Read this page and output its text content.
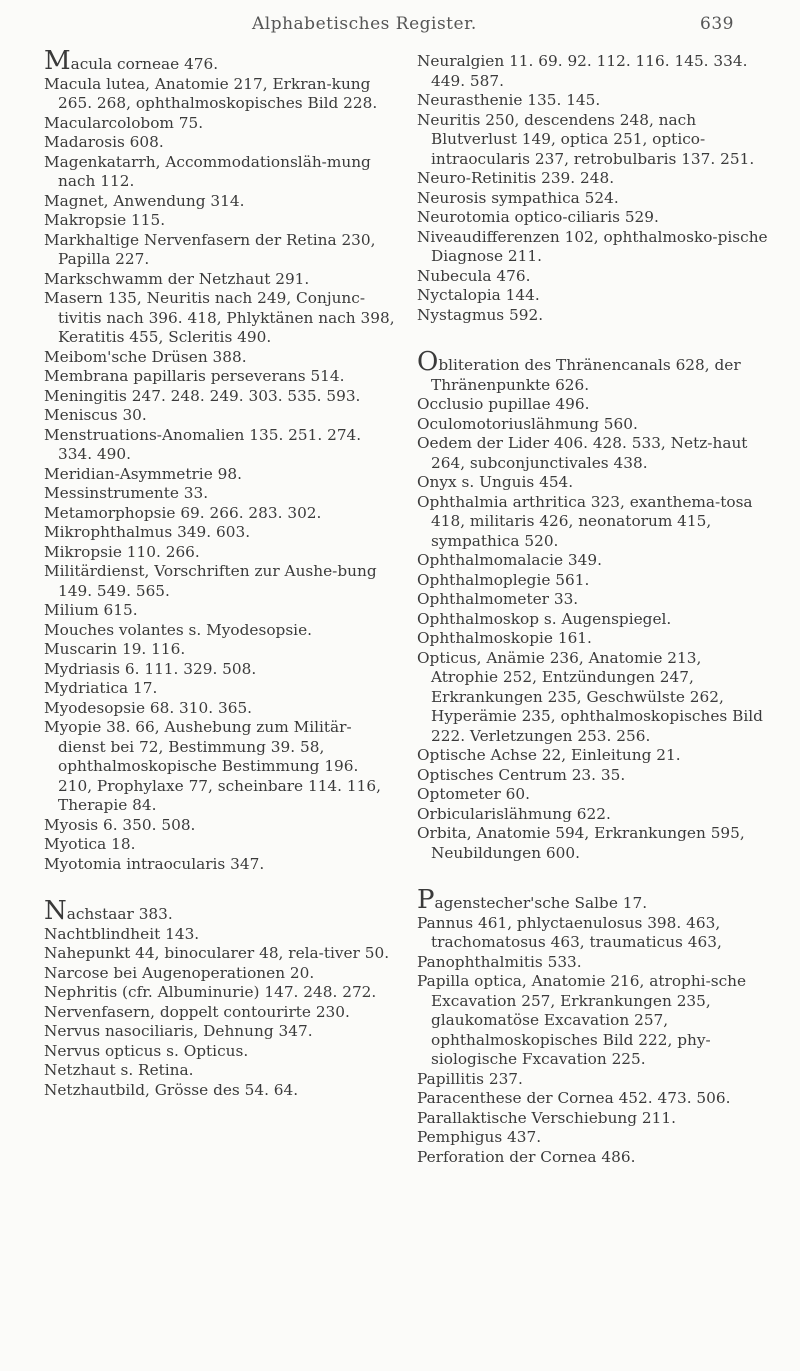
Alphabetisches Register.	639
Macula corneae 476.
Macula lutea, Anatomie 217, Erkran-kung 265. 268, ophthalmoskopisches Bild 228.
Macularcolobom 75.
Madarosis 608.
Magenkatarrh, Accommodationsläh-mung nach 112.
Magnet, Anwendung 314.
Makropsie 115.
Markhaltige Nervenfasern der Retina 230, Papilla 227.
Markschwamm der Netzhaut 291.
Masern 135, Neuritis nach 249, Conjunc-tivitis nach 396. 418, Phlyktänen nach 398, Keratitis 455, Scleritis 490.
Meibom'sche Drüsen 388.
Membrana papillaris perseverans 514.
Meningitis 247. 248. 249. 303. 535. 593.
Meniscus 30.
Menstruations-Anomalien 135. 251. 274. 334. 490.
Meridian-Asymmetrie 98.
Messinstrumente 33.
Metamorphopsie 69. 266. 283. 302.
Mikrophthalmus 349. 603.
Mikropsie 110. 266.
Militärdienst, Vorschriften zur Aushe-bung 149. 549. 565.
Milium 615.
Mouches volantes s. Myodesopsie.
Muscarin 19. 116.
Mydriasis 6. 111. 329. 508.
Mydriatica 17.
Myodesopsie 68. 310. 365.
Myopie 38. 66, Aushebung zum Militär-dienst bei 72, Bestimmung 39. 58, ophthalmoskopische Bestimmung 196. 210, Prophylaxe 77, scheinbare 114. 116, Therapie 84.
Myosis 6. 350. 508.
Myotica 18.
Myotomia intraocularis 347.
Nachstaar 383.
Nachtblindheit 143.
Nahepunkt 44, binocularer 48, rela-tiver 50.
Narcose bei Augenoperationen 20.
Nephritis (cfr. Albuminurie) 147. 248. 272.
Nervenfasern, doppelt contourirte 230.
Nervus nasociliaris, Dehnung 347.
Nervus opticus s. Opticus.
Netzhaut s. Retina.
Netzhautbild, Grösse des 54. 64.
Neuralgien 11. 69. 92. 112. 116. 145. 334. 449. 587.
Neurasthenie 135. 145.
Neuritis 250, descendens 248, nach Blutverlust 149, optica 251, optico-intraocularis 237, retrobulbaris 137. 251.
Neuro-Retinitis 239. 248.
Neurosis sympathica 524.
Neurotomia optico-ciliaris 529.
Niveaudifferenzen 102, ophthalmosko-pische Diagnose 211.
Nubecula 476.
Nyctalopia 144.
Nystagmus 592.
Obliteration des Thränencanals 628, der Thränenpunkte 626.
Occlusio pupillae 496.
Oculomotoriuslähmung 560.
Oedem der Lider 406. 428. 533, Netz-haut 264, subconjunctivales 438.
Onyx s. Unguis 454.
Ophthalmia arthritica 323, exanthema-tosa 418, militaris 426, neonatorum 415, sympathica 520.
Ophthalmomalacie 349.
Ophthalmoplegie 561.
Ophthalmometer 33.
Ophthalmoskop s. Augenspiegel.
Ophthalmoskopie 161.
Opticus, Anämie 236, Anatomie 213, Atrophie 252, Entzündungen 247, Erkrankungen 235, Geschwülste 262, Hyperämie 235, ophthalmoskopisches Bild 222. Verletzungen 253. 256.
Optische Achse 22, Einleitung 21.
Optisches Centrum 23. 35.
Optometer 60.
Orbicularislähmung 622.
Orbita, Anatomie 594, Erkrankungen 595, Neubildungen 600.
Pagenstecher'sche Salbe 17.
Pannus 461, phlyctaenulosus 398. 463, trachomatosus 463, traumaticus 463,
Panophthalmitis 533.
Papilla optica, Anatomie 216, atrophi-sche Excavation 257, Erkrankungen 235, glaukomatöse Excavation 257, ophthalmoskopisches Bild 222, phy-siologische Fxcavation 225.
Papillitis 237.
Paracenthese der Cornea 452. 473. 506.
Parallaktische Verschiebung 211.
Pemphigus 437.
Perforation der Cornea 486.
